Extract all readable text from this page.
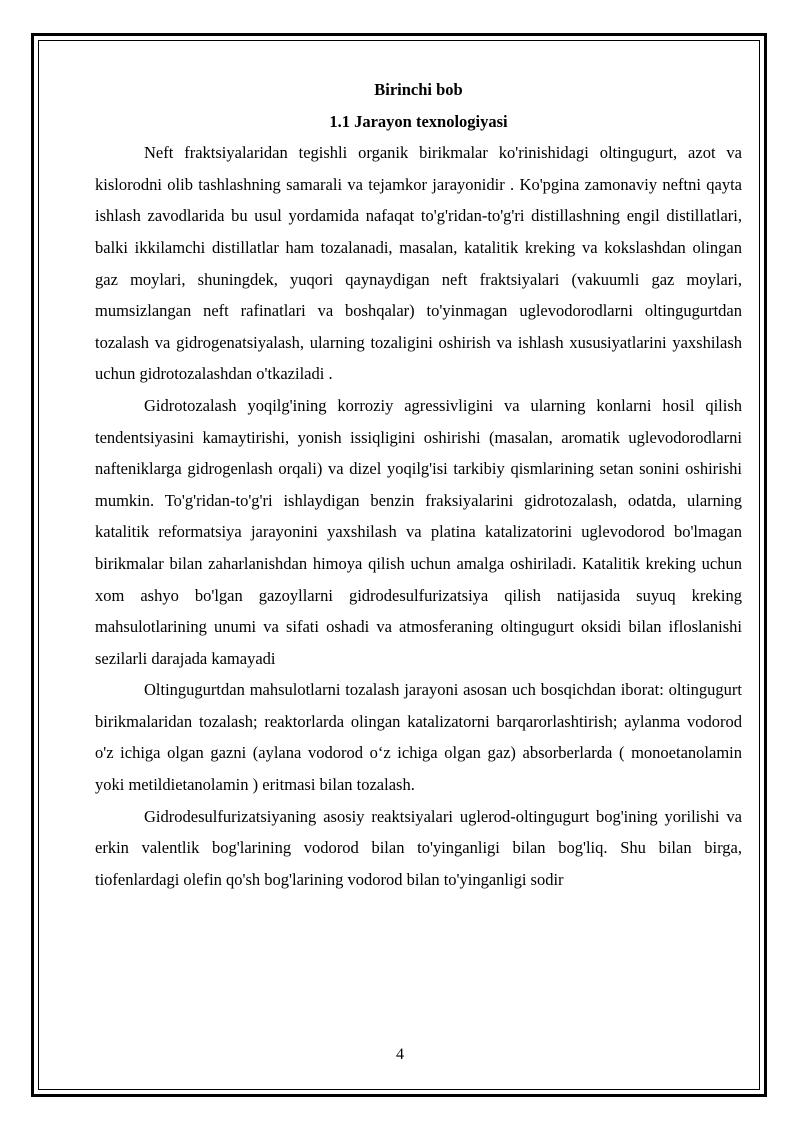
Birinchi bob

1.1 Jarayon texnologiyasi

Neft fraktsiyalaridan tegishli organik birikmalar ko'rinishidagi oltingugurt, azot va kislorodni olib tashlashning samarali va tejamkor jarayonidir . Ko'pgina zamonaviy neftni qayta ishlash zavodlarida bu usul yordamida nafaqat to'g'ridan-to'g'ri distillashning engil distillatlari, balki ikkilamchi distillatlar ham tozalanadi, masalan, katalitik kreking va kokslashdan olingan gaz moylari, shuningdek, yuqori qaynaydigan neft fraktsiyalari (vakuumli gaz moylari, mumsizlangan neft rafinatlari va boshqalar) to'yinmagan uglevodorodlarni oltingugurtdan tozalash va gidrogenatsiyalash, ularning tozaligini oshirish va ishlash xususiyatlarini yaxshilash uchun gidrotozalashdan o'tkaziladi .

Gidrotozalash yoqilg'ining korroziy agressivligini va ularning konlarni hosil qilish tendentsiyasini kamaytirishi, yonish issiqligini oshirishi (masalan, aromatik uglevodorodlarni nafteniklarga gidrogenlash orqali) va dizel yoqilg'isi tarkibiy qismlarining setan sonini oshirishi mumkin. To'g'ridan-to'g'ri ishlaydigan benzin fraksiyalarini gidrotozalash, odatda, ularning katalitik reformatsiya jarayonini yaxshilash va platina katalizatorini uglevodorod bo'lmagan birikmalar bilan zaharlanishdan himoya qilish uchun amalga oshiriladi. Katalitik kreking uchun xom ashyo bo'lgan gazoyllarni gidrodesulfurizatsiya qilish natijasida suyuq kreking mahsulotlarining unumi va sifati oshadi va atmosferaning oltingugurt oksidi bilan ifloslanishi sezilarli darajada kamayadi

Oltingugurtdan mahsulotlarni tozalash jarayoni asosan uch bosqichdan iborat: oltingugurt birikmalaridan tozalash; reaktorlarda olingan katalizatorni barqarorlashtirish; aylanma vodorod o'z ichiga olgan gazni (aylana vodorod o‘z ichiga olgan gaz) absorberlarda ( monoetanolamin yoki metildietanolamin ) eritmasi bilan tozalash.

Gidrodesulfurizatsiyaning asosiy reaktsiyalari uglerod-oltingugurt bog'ining yorilishi va erkin valentlik bog'larining vodorod bilan to'yinganligi bilan bog'liq. Shu bilan birga, tiofenlardagi olefin qo'sh bog'larining vodorod bilan to'yinganligi sodir

4
